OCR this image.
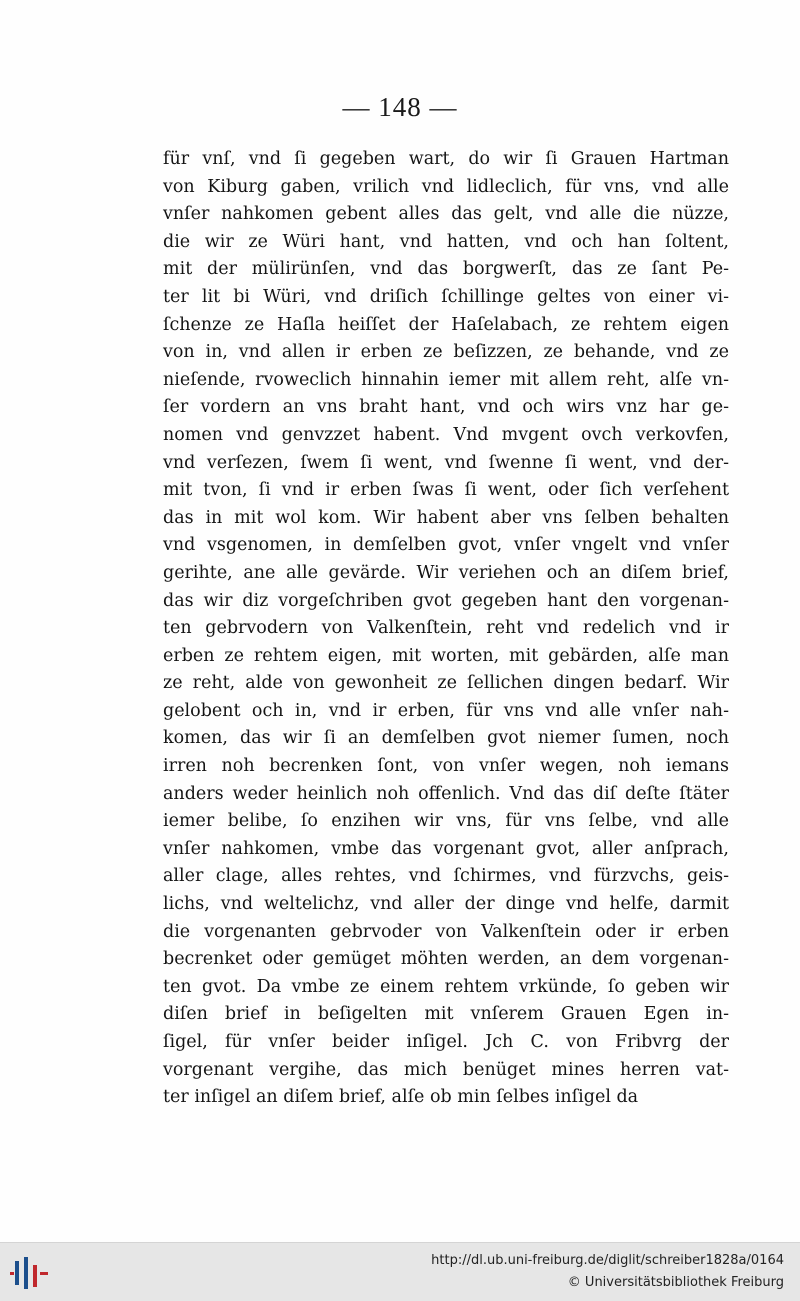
— 148 —
für vnſ, vnd ſi gegeben wart, do wir ſi Grauen Hartman
von Kiburg gaben, vrilich vnd lidleclich, für vns, vnd alle
vnſer nahkomen gebent alles das gelt, vnd alle die nüzze,
die wir ze Würi hant, vnd hatten, vnd och han ſoltent,
mit der mülirünſen, vnd das borgwerſt, das ze ſant Pe-
ter lit bi Würi, vnd driſich ſchillinge geltes von einer vi-
ſchenze ze Haſla heiſſet der Haſelabach, ze rehtem eigen
von in, vnd allen ir erben ze beſizzen, ze behande, vnd ze
nieſende, rvoweclich hinnahin iemer mit allem reht, alſe vn-
ſer vordern an vns braht hant, vnd och wirs vnz har ge-
nomen vnd genvzzet habent. Vnd mvgent ovch verkovfen,
vnd verſezen, ſwem ſi went, vnd ſwenne ſi went, vnd der-
mit tvon, ſi vnd ir erben ſwas ſi went, oder ſich verſehent
das in mit wol kom. Wir habent aber vns ſelben behalten
vnd vsgenomen, in demſelben gvot, vnſer vngelt vnd vnſer
gerihte, ane alle gevärde. Wir veriehen och an diſem brief,
das wir diz vorgeſchriben gvot gegeben hant den vorgenan-
ten gebrvodern von Valkenſtein, reht vnd redelich vnd ir
erben ze rehtem eigen, mit worten, mit gebärden, alſe man
ze reht, alde von gewonheit ze ſellichen dingen bedarf. Wir
gelobent och in, vnd ir erben, für vns vnd alle vnſer nah-
komen, das wir ſi an demſelben gvot niemer ſumen, noch
irren noh becrenken ſont, von vnſer wegen, noh iemans
anders weder heinlich noh offenlich. Vnd das diſ deſte ſtäter
iemer belibe, ſo enzihen wir vns, für vns ſelbe, vnd alle
vnſer nahkomen, vmbe das vorgenant gvot, aller anſprach,
aller clage, alles rehtes, vnd ſchirmes, vnd fürzvchs, geis-
lichs, vnd weltelichz, vnd aller der dinge vnd helfe, darmit
die vorgenanten gebrvoder von Valkenſtein oder ir erben
becrenket oder gemüget möhten werden, an dem vorgenan-
ten gvot. Da vmbe ze einem rehtem vrkünde, ſo geben wir
diſen brief in beſigelten mit vnſerem Grauen Egen in-
ſigel, für vnſer beider inſigel. Jch C. von Fribvrg der
vorgenant vergihe, das mich benüget mines herren vat-
ter inſigel an diſem brief, alſe ob min ſelbes inſigel da
http://dl.ub.uni-freiburg.de/diglit/schreiber1828a/0164
© Universitätsbibliothek Freiburg
